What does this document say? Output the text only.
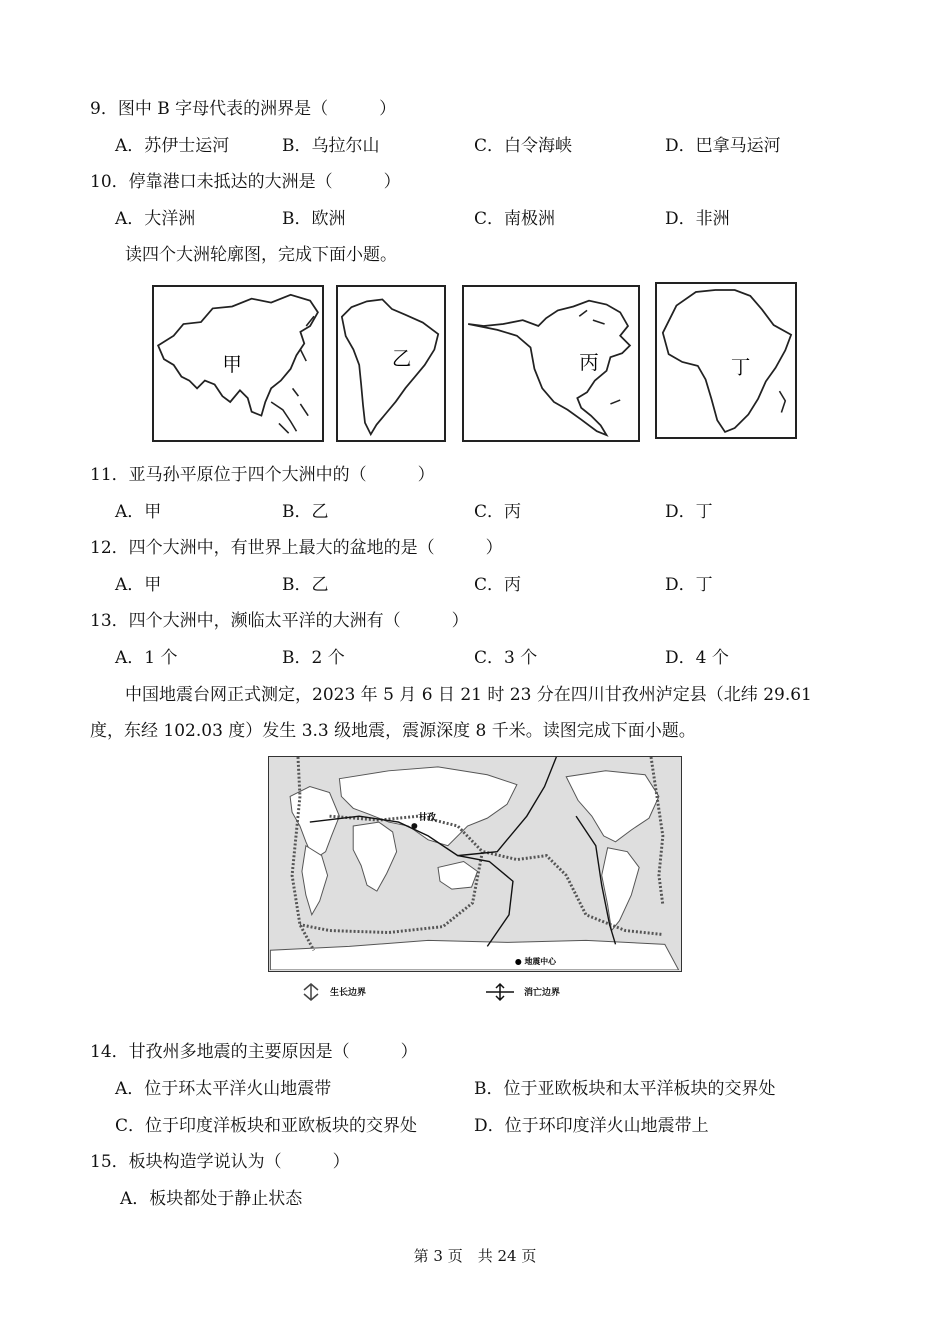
9．图中 B 字母代表的洲界是（　　　）
A．苏伊士运河	B．乌拉尔山	C．白令海峡	D．巴拿马运河
10．停靠港口未抵达的大洲是（　　　）
A．大洋洲	B．欧洲	C．南极洲	D．非洲
读四个大洲轮廓图，完成下面小题。
甲	乙	丙	丁
11．亚马孙平原位于四个大洲中的（　　　）
A．甲	B．乙	C．丙	D．丁
12．四个大洲中，有世界上最大的盆地的是（　　　）
A．甲	B．乙	C．丙	D．丁
13．四个大洲中，濒临太平洋的大洲有（　　　）
A．1 个	B．2 个	C．3 个	D．4 个
中国地震台网正式测定，2023 年 5 月 6 日 21 时 23 分在四川甘孜州泸定县（北纬 29.61
度，东经 102.03 度）发生 3.3 级地震，震源深度 8 千米。读图完成下面小题。
甘孜
● 地震中心
生长边界	消亡边界
14．甘孜州多地震的主要原因是（　　　）
A．位于环太平洋火山地震带	B．位于亚欧板块和太平洋板块的交界处
C．位于印度洋板块和亚欧板块的交界处	D．位于环印度洋火山地震带上
15．板块构造学说认为（　　　）
A．板块都处于静止状态
第 3 页　共 24 页
